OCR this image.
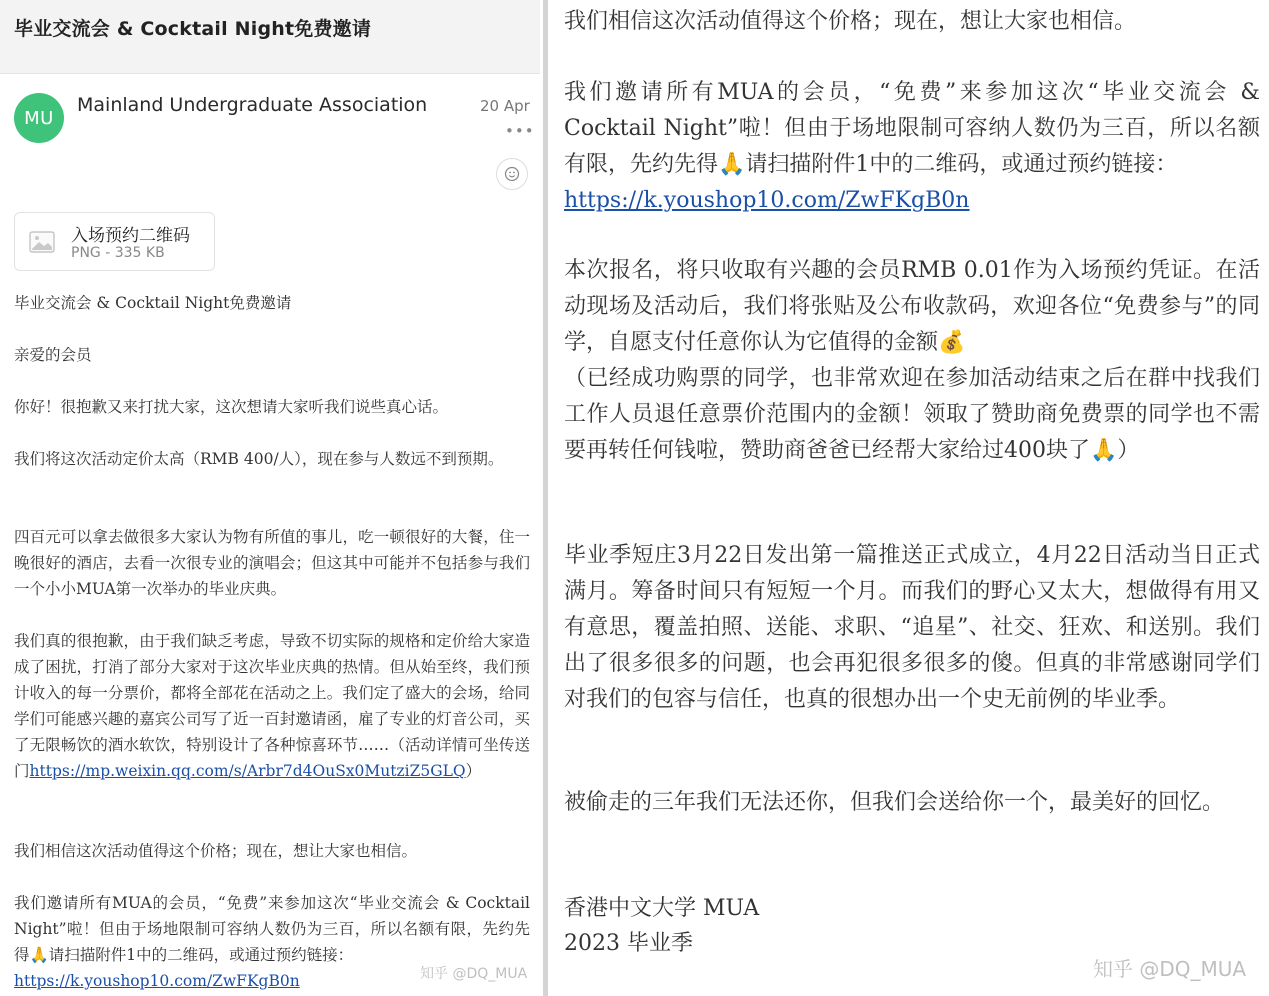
毕业交流会 & Cocktail Night免费邀请
MU
Mainland Undergraduate Association	20 Apr
•••
入场预约二维码
PNG - 335 KB
毕业交流会 & Cocktail Night免费邀请
亲爱的会员
你好！很抱歉又来打扰大家，这次想请大家听我们说些真心话。
我们将这次活动定价太高（RMB 400/人），现在参与人数远不到预期。
四百元可以拿去做很多大家认为物有所值的事儿，吃一顿很好的大餐，住一晚很好的酒店，去看一次很专业的演唱会；但这其中可能并不包括参与我们一个小小MUA第一次举办的毕业庆典。
我们真的很抱歉，由于我们缺乏考虑，导致不切实际的规格和定价给大家造成了困扰，打消了部分大家对于这次毕业庆典的热情。但从始至终，我们预计收入的每一分票价，都将全部花在活动之上。我们定了盛大的会场，给同学们可能感兴趣的嘉宾公司写了近一百封邀请函，雇了专业的灯音公司，买了无限畅饮的酒水软饮，特别设计了各种惊喜环节……（活动详情可坐传送门https://mp.weixin.qq.com/s/Arbr7d4OuSx0MutziZ5GLQ）
我们相信这次活动值得这个价格；现在，想让大家也相信。
我们邀请所有MUA的会员，“免费”来参加这次“毕业交流会 & Cocktail Night”啦！但由于场地限制可容纳人数仍为三百，所以名额有限，先约先得🙏请扫描附件1中的二维码，或通过预约链接：
https://k.youshop10.com/ZwFKgB0n	知乎 @DQ_MUA
我们相信这次活动值得这个价格；现在，想让大家也相信。
我们邀请所有MUA的会员，“免费”来参加这次“毕业交流会 & Cocktail Night”啦！但由于场地限制可容纳人数仍为三百，所以名额有限，先约先得🙏请扫描附件1中的二维码，或通过预约链接：
https://k.youshop10.com/ZwFKgB0n
本次报名，将只收取有兴趣的会员RMB 0.01作为入场预约凭证。在活动现场及活动后，我们将张贴及公布收款码，欢迎各位“免费参与”的同学，自愿支付任意你认为它值得的金额💰
（已经成功购票的同学，也非常欢迎在参加活动结束之后在群中找我们工作人员退任意票价范围内的金额！领取了赞助商免费票的同学也不需要再转任何钱啦，赞助商爸爸已经帮大家给过400块了🙏）
毕业季短庄3月22日发出第一篇推送正式成立，4月22日活动当日正式满月。筹备时间只有短短一个月。而我们的野心又太大，想做得有用又有意思，覆盖拍照、送能、求职、“追星”、社交、狂欢、和送别。我们出了很多很多的问题，也会再犯很多很多的傻。但真的非常感谢同学们对我们的包容与信任，也真的很想办出一个史无前例的毕业季。
被偷走的三年我们无法还你，但我们会送给你一个，最美好的回忆。
香港中文大学 MUA
2023 毕业季
知乎 @DQ_MUA
